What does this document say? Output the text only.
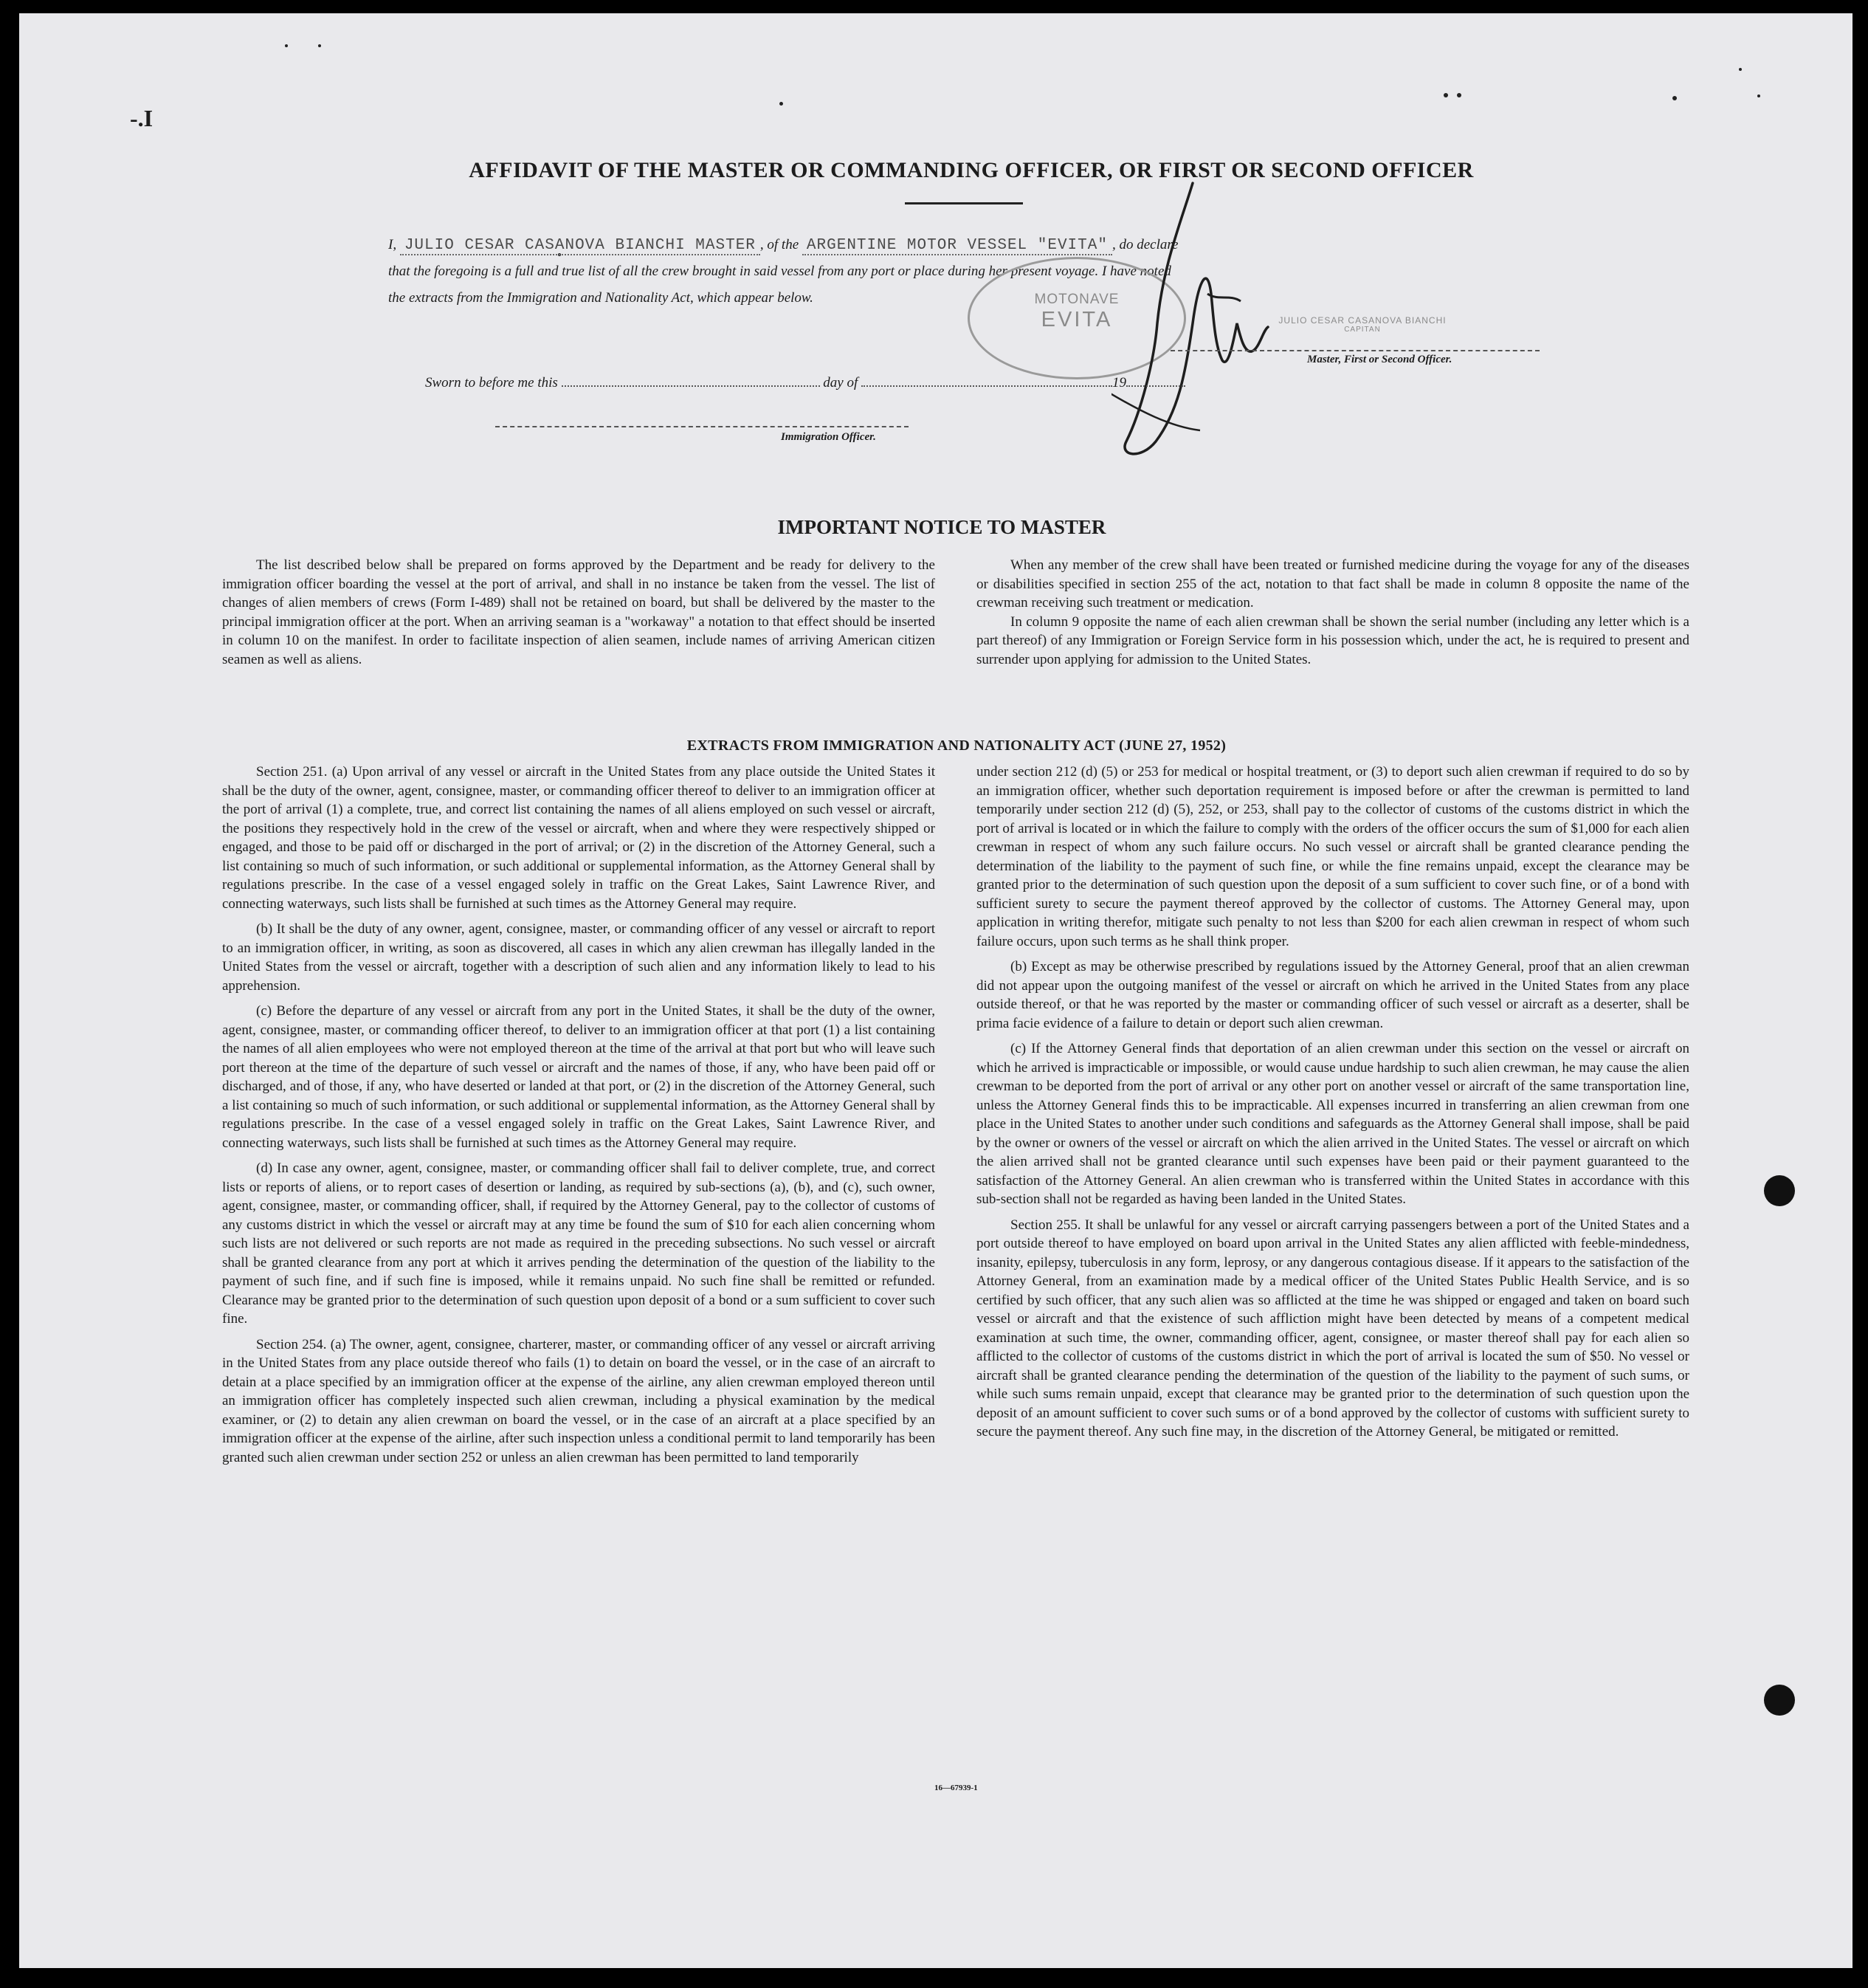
-.I
AFFIDAVIT OF THE MASTER OR COMMANDING OFFICER, OR FIRST OR SECOND OFFICER
I, JULIO CESAR CASANOVA BIANCHI MASTER , of the ARGENTINE MOTOR VESSEL "EVITA" , do declare
that the foregoing is a full and true list of all the crew brought in said vessel from any port or place during her present voyage. I have noted
the extracts from the Immigration and Nationality Act, which appear below.	MOTONAVE
EVITA	JULIO CESAR CASANOVA BIANCHI
CAPITAN
Master, First or Second Officer.
Sworn to before me this	day of	19
Immigration Officer.
IMPORTANT NOTICE TO MASTER

The list described below shall be prepared on forms approved by the Department and be ready for delivery to the immigration officer boarding the vessel at the port of arrival, and shall in no instance be taken from the vessel. The list of changes of alien members of crews (Form I-489) shall not be retained on board, but shall be delivered by the master to the principal immigration officer at the port. When an arriving seaman is a "workaway" a notation to that effect should be inserted in column 10 on the manifest. In order to facilitate inspection of alien seamen, include names of arriving American citizen seamen as well as aliens.

When any member of the crew shall have been treated or furnished medicine during the voyage for any of the diseases or disabilities specified in section 255 of the act, notation to that fact shall be made in column 8 opposite the name of the crewman receiving such treatment or medication.

In column 9 opposite the name of each alien crewman shall be shown the serial number (including any letter which is a part thereof) of any Immigration or Foreign Service form in his possession which, under the act, he is required to present and surrender upon applying for admission to the United States.

EXTRACTS FROM IMMIGRATION AND NATIONALITY ACT (JUNE 27, 1952)

Section 251. (a) Upon arrival of any vessel or aircraft in the United States from any place outside the United States it shall be the duty of the owner, agent, consignee, master, or commanding officer thereof to deliver to an immigration officer at the port of arrival (1) a complete, true, and correct list containing the names of all aliens employed on such vessel or aircraft, the positions they respectively hold in the crew of the vessel or aircraft, when and where they were respectively shipped or engaged, and those to be paid off or discharged in the port of arrival; or (2) in the discretion of the Attorney General, such a list containing so much of such information, or such additional or supplemental information, as the Attorney General shall by regulations prescribe. In the case of a vessel engaged solely in traffic on the Great Lakes, Saint Lawrence River, and connecting waterways, such lists shall be furnished at such times as the Attorney General may require.

(b) It shall be the duty of any owner, agent, consignee, master, or commanding officer of any vessel or aircraft to report to an immigration officer, in writing, as soon as discovered, all cases in which any alien crewman has illegally landed in the United States from the vessel or aircraft, together with a description of such alien and any information likely to lead to his apprehension.

(c) Before the departure of any vessel or aircraft from any port in the United States, it shall be the duty of the owner, agent, consignee, master, or commanding officer thereof, to deliver to an immigration officer at that port (1) a list containing the names of all alien employees who were not employed thereon at the time of the arrival at that port but who will leave such port thereon at the time of the departure of such vessel or aircraft and the names of those, if any, who have been paid off or discharged, and of those, if any, who have deserted or landed at that port, or (2) in the discretion of the Attorney General, such a list containing so much of such information, or such additional or supplemental information, as the Attorney General shall by regulations prescribe. In the case of a vessel engaged solely in traffic on the Great Lakes, Saint Lawrence River, and connecting waterways, such lists shall be furnished at such times as the Attorney General may require.

(d) In case any owner, agent, consignee, master, or commanding officer shall fail to deliver complete, true, and correct lists or reports of aliens, or to report cases of desertion or landing, as required by sub-sections (a), (b), and (c), such owner, agent, consignee, master, or commanding officer, shall, if required by the Attorney General, pay to the collector of customs of any customs district in which the vessel or aircraft may at any time be found the sum of $10 for each alien concerning whom such lists are not delivered or such reports are not made as required in the preceding subsections. No such vessel or aircraft shall be granted clearance from any port at which it arrives pending the determination of the question of the liability to the payment of such fine, and if such fine is imposed, while it remains unpaid. No such fine shall be remitted or refunded. Clearance may be granted prior to the determination of such question upon deposit of a bond or a sum sufficient to cover such fine.

Section 254. (a) The owner, agent, consignee, charterer, master, or commanding officer of any vessel or aircraft arriving in the United States from any place outside thereof who fails (1) to detain on board the vessel, or in the case of an aircraft to detain at a place specified by an immigration officer at the expense of the airline, any alien crewman employed thereon until an immigration officer has completely inspected such alien crewman, including a physical examination by the medical examiner, or (2) to detain any alien crewman on board the vessel, or in the case of an aircraft at a place specified by an immigration officer at the expense of the airline, after such inspection unless a conditional permit to land temporarily has been granted such alien crewman under section 252 or unless an alien crewman has been permitted to land temporarily

under section 212 (d) (5) or 253 for medical or hospital treatment, or (3) to deport such alien crewman if required to do so by an immigration officer, whether such deportation requirement is imposed before or after the crewman is permitted to land temporarily under section 212 (d) (5), 252, or 253, shall pay to the collector of customs of the customs district in which the port of arrival is located or in which the failure to comply with the orders of the officer occurs the sum of $1,000 for each alien crewman in respect of whom any such failure occurs. No such vessel or aircraft shall be granted clearance pending the determination of the liability to the payment of such fine, or while the fine remains unpaid, except the clearance may be granted prior to the determination of such question upon the deposit of a sum sufficient to cover such fine, or of a bond with sufficient surety to secure the payment thereof approved by the collector of customs. The Attorney General may, upon application in writing therefor, mitigate such penalty to not less than $200 for each alien crewman in respect of whom such failure occurs, upon such terms as he shall think proper.

(b) Except as may be otherwise prescribed by regulations issued by the Attorney General, proof that an alien crewman did not appear upon the outgoing manifest of the vessel or aircraft on which he arrived in the United States from any place outside thereof, or that he was reported by the master or commanding officer of such vessel or aircraft as a deserter, shall be prima facie evidence of a failure to detain or deport such alien crewman.

(c) If the Attorney General finds that deportation of an alien crewman under this section on the vessel or aircraft on which he arrived is impracticable or impossible, or would cause undue hardship to such alien crewman, he may cause the alien crewman to be deported from the port of arrival or any other port on another vessel or aircraft of the same transportation line, unless the Attorney General finds this to be impracticable. All expenses incurred in transferring an alien crewman from one place in the United States to another under such conditions and safeguards as the Attorney General shall impose, shall be paid by the owner or owners of the vessel or aircraft on which the alien arrived in the United States. The vessel or aircraft on which the alien arrived shall not be granted clearance until such expenses have been paid or their payment guaranteed to the satisfaction of the Attorney General. An alien crewman who is transferred within the United States in accordance with this sub-section shall not be regarded as having been landed in the United States.

Section 255. It shall be unlawful for any vessel or aircraft carrying passengers between a port of the United States and a port outside thereof to have employed on board upon arrival in the United States any alien afflicted with feeble-mindedness, insanity, epilepsy, tuberculosis in any form, leprosy, or any dangerous contagious disease. If it appears to the satisfaction of the Attorney General, from an examination made by a medical officer of the United States Public Health Service, and is so certified by such officer, that any such alien was so afflicted at the time he was shipped or engaged and taken on board such vessel or aircraft and that the existence of such affliction might have been detected by means of a competent medical examination at such time, the owner, commanding officer, agent, consignee, or master thereof shall pay for each alien so afflicted to the collector of customs of the customs district in which the port of arrival is located the sum of $50. No vessel or aircraft shall be granted clearance pending the determination of the question of the liability to the payment of such sums, or while such sums remain unpaid, except that clearance may be granted prior to the determination of such question upon the deposit of an amount sufficient to cover such sums or of a bond approved by the collector of customs with sufficient surety to secure the payment thereof. Any such fine may, in the discretion of the Attorney General, be mitigated or remitted.

16—67939-1
